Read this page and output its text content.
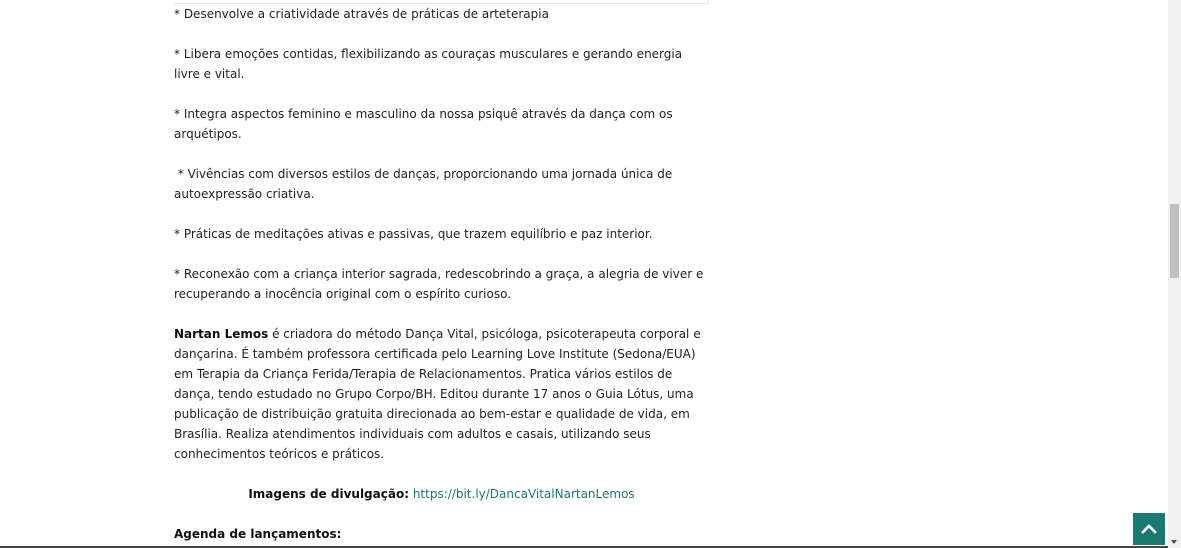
* Desenvolve a criatividade através de práticas de arteterapia

* Libera emoções contidas, flexibilizando as couraças musculares e gerando energia livre e vital.

* Integra aspectos feminino e masculino da nossa psiquê através da dança com os arquétipos.

* Vivências com diversos estilos de danças, proporcionando uma jornada única de autoexpressão criativa.

* Práticas de meditações ativas e passivas, que trazem equilíbrio e paz interior.

* Reconexão com a criança interior sagrada, redescobrindo a graça, a alegria de viver e recuperando a inocência original com o espírito curioso.

Nartan Lemos é criadora do método Dança Vital, psicóloga, psicoterapeuta corporal e dançarina. É também professora certificada pelo Learning Love Institute (Sedona/EUA) em Terapia da Criança Ferida/Terapia de Relacionamentos. Pratica vários estilos de dança, tendo estudado no Grupo Corpo/BH. Editou durante 17 anos o Guia Lótus, uma publicação de distribuição gratuita direcionada ao bem-estar e qualidade de vida, em Brasília. Realiza atendimentos individuais com adultos e casais, utilizando seus conhecimentos teóricos e práticos.

Imagens de divulgação: https://bit.ly/DancaVitalNartanLemos

Agenda de lançamentos:
